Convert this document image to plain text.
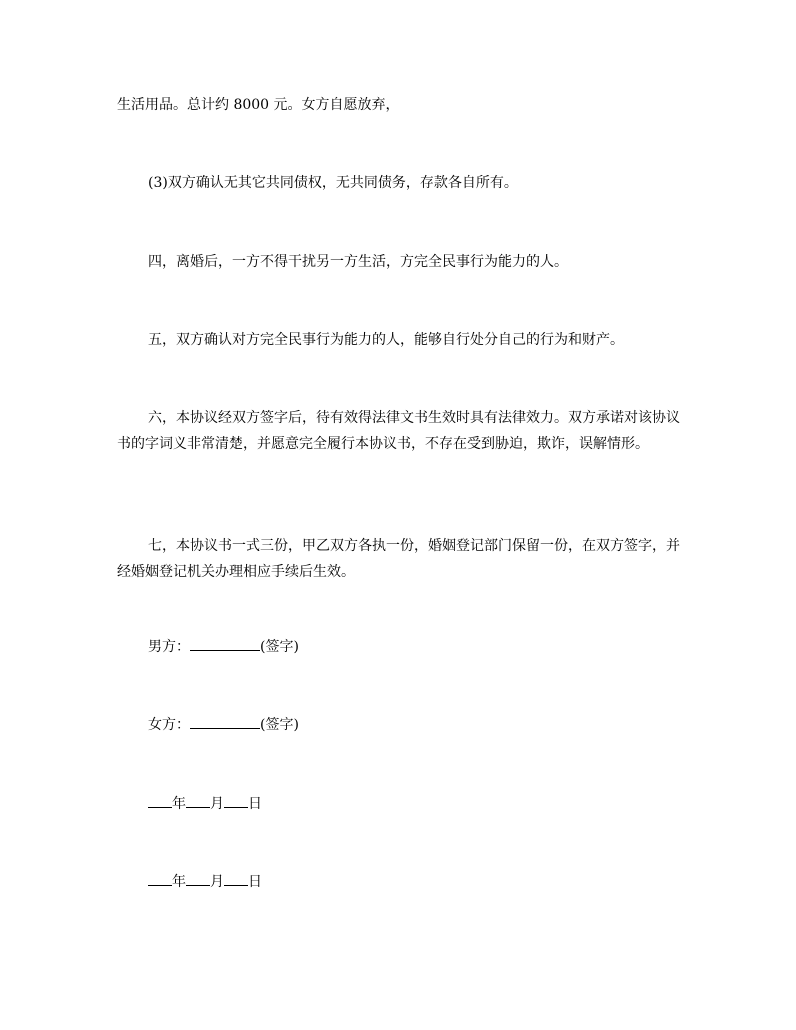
生活用品。总计约 8000 元。女方自愿放弃，
(3)双方确认无其它共同债权，无共同债务，存款各自所有。
四，离婚后，一方不得干扰另一方生活，方完全民事行为能力的人。
五，双方确认对方完全民事行为能力的人，能够自行处分自己的行为和财产。
六，本协议经双方签字后，待有效得法律文书生效时具有法律效力。双方承诺对该协议书的字词义非常清楚，并愿意完全履行本协议书，不存在受到胁迫，欺诈，误解情形。
七，本协议书一式三份，甲乙双方各执一份，婚姻登记部门保留一份，在双方签字，并经婚姻登记机关办理相应手续后生效。
男方：	(签字)
女方：	(签字)
年 月 日
年 月 日
